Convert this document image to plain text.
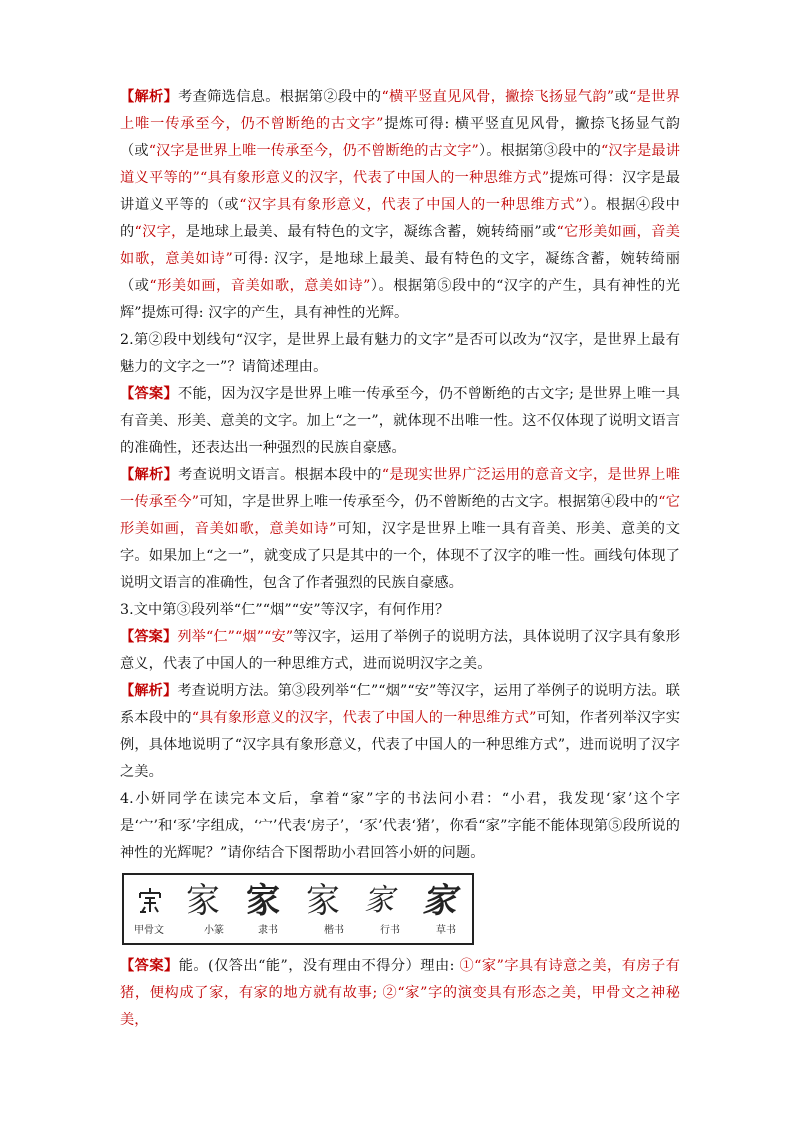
【解析】考查筛选信息。根据第②段中的“横平竖直见风骨，撇捺飞扬显气韵”或“是世界上唯一传承至今，仍不曾断绝的古文字”提炼可得: 横平竖直见风骨，撇捺飞扬显气韵（或“汉字是世界上唯一传承至今，仍不曾断绝的古文字”）。根据第③段中的“汉字是最讲道义平等的”“具有象形意义的汉字，代表了中国人的一种思维方式”提炼可得：汉字是最讲道义平等的（或“汉字具有象形意义，代表了中国人的一种思维方式”）。根据④段中的“汉字，是地球上最美、最有特色的文字，凝练含蓄，婉转绮丽”或“它形美如画，音美如歌，意美如诗”可得: 汉字，是地球上最美、最有特色的文字，凝练含蓄，婉转绮丽（或“形美如画，音美如歌，意美如诗”）。根据第⑤段中的“汉字的产生，具有神性的光辉”提炼可得: 汉字的产生，具有神性的光辉。

2.第②段中划线句“汉字，是世界上最有魅力的文字”是否可以改为“汉字，是世界上最有魅力的文字之一”？请简述理由。

【答案】不能，因为汉字是世界上唯一传承至今，仍不曾断绝的古文字; 是世界上唯一具有音美、形美、意美的文字。加上“之一”，就体现不出唯一性。这不仅体现了说明文语言的准确性，还表达出一种强烈的民族自豪感。

【解析】考查说明文语言。根据本段中的“是现实世界广泛运用的意音文字，是世界上唯一传承至今”可知，字是世界上唯一传承至今，仍不曾断绝的古文字。根据第④段中的“它形美如画，音美如歌，意美如诗”可知，汉字是世界上唯一具有音美、形美、意美的文字。如果加上“之一”，就变成了只是其中的一个，体现不了汉字的唯一性。画线句体现了说明文语言的准确性，包含了作者强烈的民族自豪感。

3.文中第③段列举“仁”“烟”“安”等汉字，有何作用？

【答案】列举“仁”“烟”“安”等汉字，运用了举例子的说明方法，具体说明了汉字具有象形意义，代表了中国人的一种思维方式，进而说明汉字之美。

【解析】考查说明方法。第③段列举“仁”“烟”“安”等汉字，运用了举例子的说明方法。联系本段中的“具有象形意义的汉字，代表了中国人的一种思维方式”可知，作者列举汉字实例，具体地说明了“汉字具有象形意义，代表了中国人的一种思维方式”，进而说明了汉字之美。

4.小妍同学在读完本文后，拿着“家”字的书法问小君：“小君，我发现‘家’这个字是‘宀’和‘豕’字组成，‘宀’代表‘房子’，‘豕’代表‘猪’，你看“家”字能不能体现第⑤段所说的神性的光辉呢？”请你结合下图帮助小君回答小妍的问题。

家 家 家 家 家
甲骨文	小篆	隶书	楷书	行书	草书

【答案】能。(仅答出“能”，没有理由不得分）理由: ①“家”字具有诗意之美，有房子有猪，便构成了家，有家的地方就有故事; ②“家”字的演变具有形态之美，甲骨文之神秘美，
